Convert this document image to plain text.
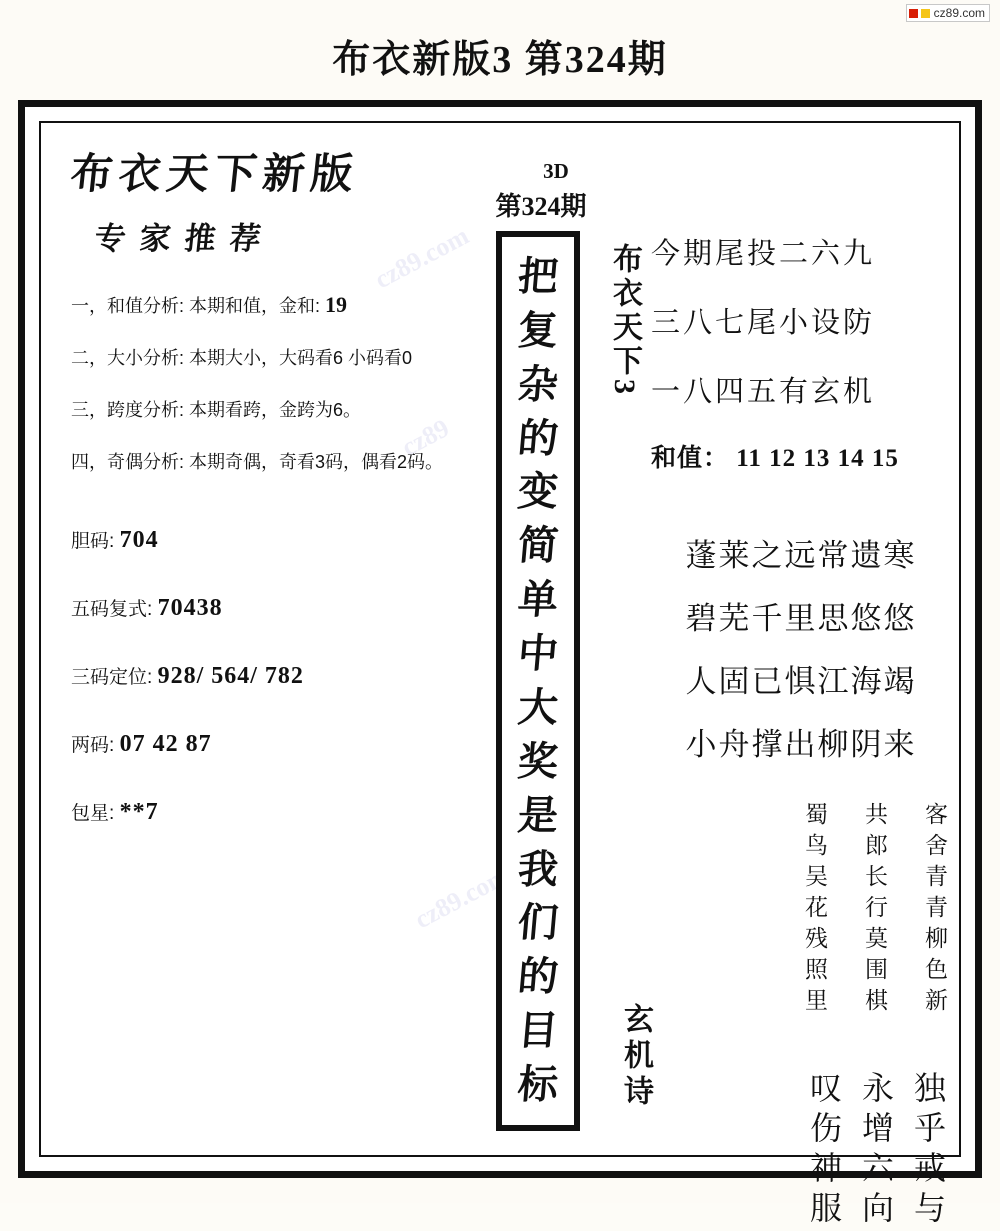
cz89.com
布衣新版3 第324期
cz89.com
cz89
cz89.com
布衣天下新版
专家推荐
一，和值分析: 本期和值，金和: 19
二，大小分析: 本期大小，大码看6 小码看0
三，跨度分析: 本期看跨，金跨为6。
四，奇偶分析: 本期奇偶，奇看3码，偶看2码。
胆码: 704
五码复式: 70438
三码定位: 928/ 564/ 782
两码: 07 42 87
包星: **7
3D
第324期
把
复
杂
的
变
简
单
中
大
奖
是
我
们
的
目
标
布衣天下3
玄机诗
今期尾投二六九
三八七尾小设防
一八四五有玄机
和值： 11 12 13 14 15
蓬莱之远常遗寒
碧芜千里思悠悠
人固已惧江海竭
小舟撑出柳阴来
客舍青青柳色新
共郎长行莫围棋
蜀鸟吴花残照里
独乎戒与
永增六向
叹伤神服
